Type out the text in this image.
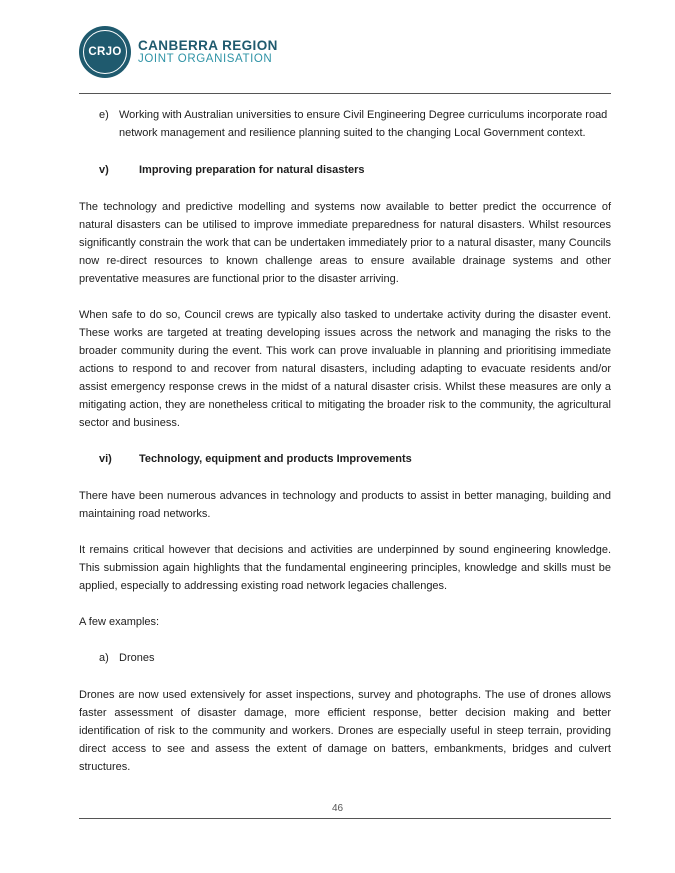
CRJO CANBERRA REGION
JOINT ORGANISATION
e) Working with Australian universities to ensure Civil Engineering Degree curriculums incorporate road network management and resilience planning suited to the changing Local Government context.
v)	Improving preparation for natural disasters

The technology and predictive modelling and systems now available to better predict the occurrence of natural disasters can be utilised to improve immediate preparedness for natural disasters. Whilst resources significantly constrain the work that can be undertaken immediately prior to a natural disaster, many Councils now re-direct resources to known challenge areas to ensure available drainage systems and other preventative measures are functional prior to the disaster arriving.

When safe to do so, Council crews are typically also tasked to undertake activity during the disaster event. These works are targeted at treating developing issues across the network and managing the risks to the broader community during the event. This work can prove invaluable in planning and prioritising immediate actions to respond to and recover from natural disasters, including adapting to evacuate residents and/or assist emergency response crews in the midst of a natural disaster crisis. Whilst these measures are only a mitigating action, they are nonetheless critical to mitigating the broader risk to the community, the agricultural sector and business.

vi)	Technology, equipment and products Improvements

There have been numerous advances in technology and products to assist in better managing, building and maintaining road networks.

It remains critical however that decisions and activities are underpinned by sound engineering knowledge. This submission again highlights that the fundamental engineering principles, knowledge and skills must be applied, especially to addressing existing road network legacies challenges.

A few examples:

a) Drones

Drones are now used extensively for asset inspections, survey and photographs. The use of drones allows faster assessment of disaster damage, more efficient response, better decision making and better identification of risk to the community and workers. Drones are especially useful in steep terrain, providing direct access to see and assess the extent of damage on batters, embankments, bridges and culvert structures.

46
